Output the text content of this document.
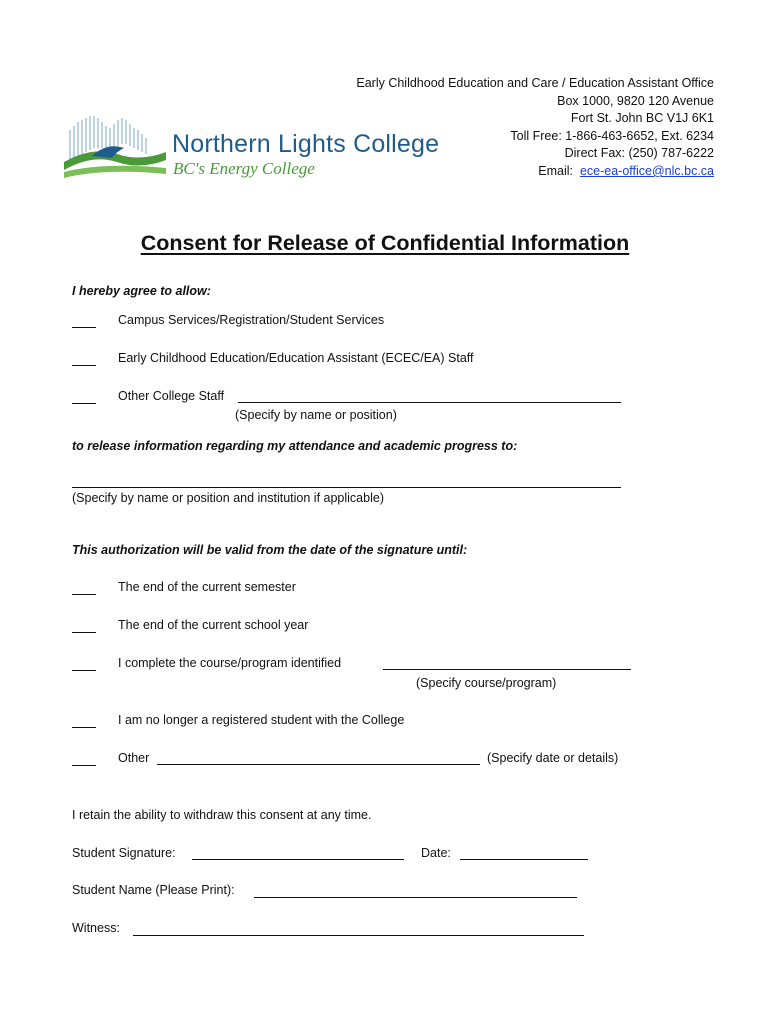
Early Childhood Education and Care / Education Assistant Office
Box 1000, 9820 120 Avenue
Fort St. John BC V1J 6K1
Toll Free: 1-866-463-6652, Ext. 6234
Direct Fax: (250) 787-6222
Email: ece-ea-office@nlc.bc.ca
Northern Lights College
BC's Energy College
Consent for Release of Confidential Information
I hereby agree to allow:
Campus Services/Registration/Student Services
Early Childhood Education/Education Assistant (ECEC/EA) Staff
Other College Staff
(Specify by name or position)
to release information regarding my attendance and academic progress to:
(Specify by name or position and institution if applicable)
This authorization will be valid from the date of the signature until:
The end of the current semester
The end of the current school year
I complete the course/program identified
(Specify course/program)
I am no longer a registered student with the College
Other	(Specify date or details)
I retain the ability to withdraw this consent at any time.
Student Signature:	Date:
Student Name (Please Print):
Witness:
